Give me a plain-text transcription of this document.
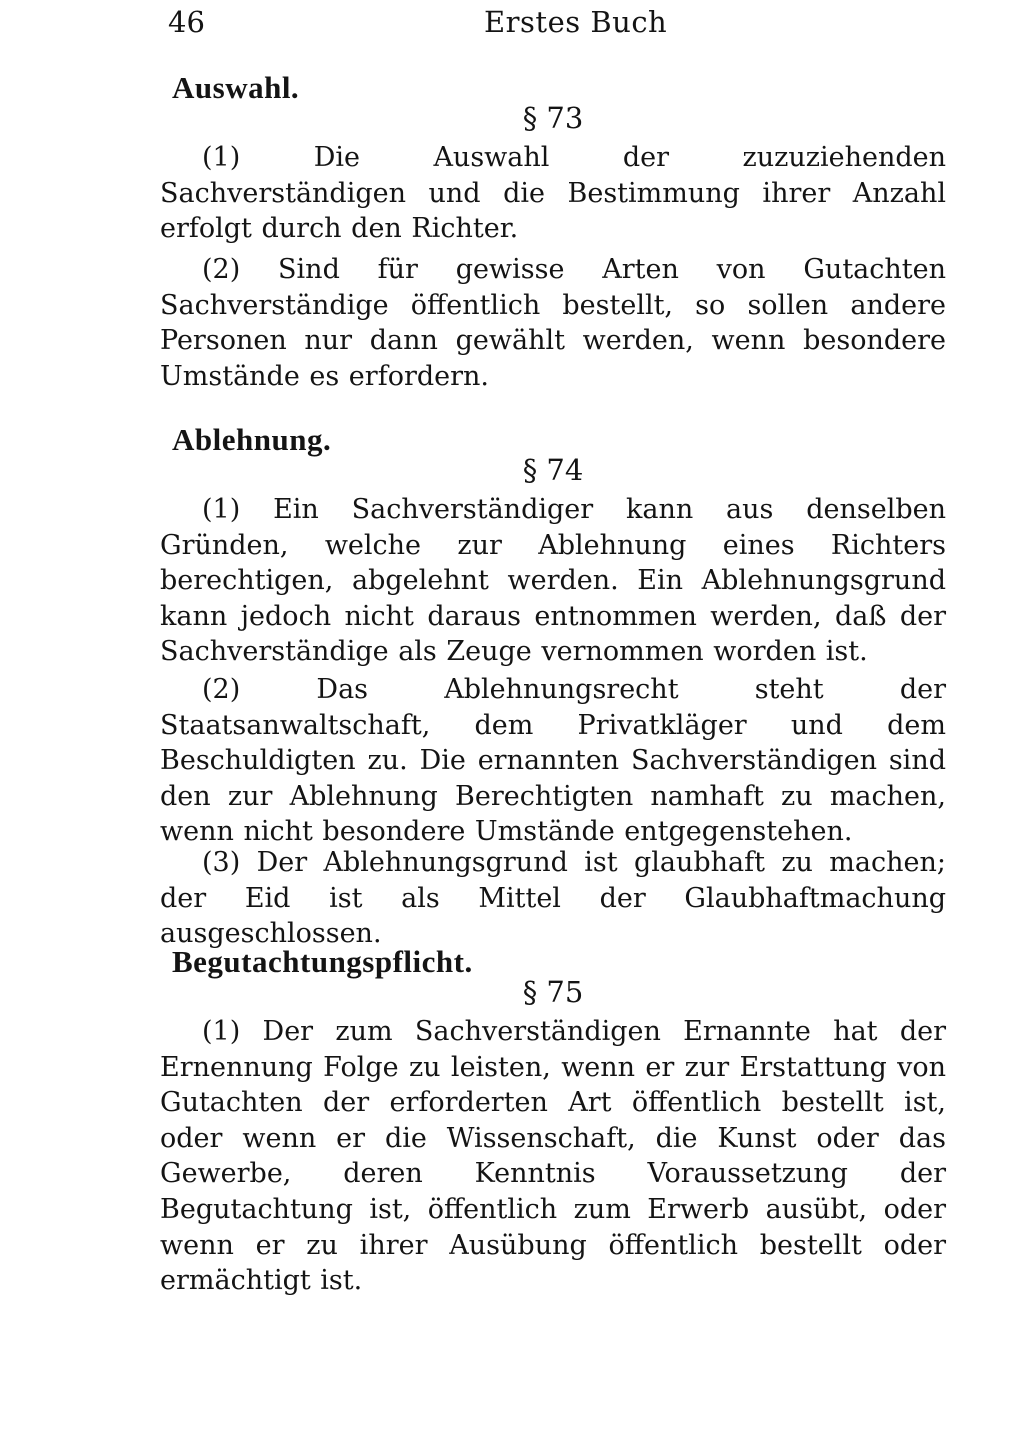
46	Erstes Buch
Auswahl.
§ 73

(1) Die Auswahl der zuzuziehenden Sachverständigen und die Bestimmung ihrer Anzahl erfolgt durch den Richter.

(2) Sind für gewisse Arten von Gutachten Sachverständige öffentlich bestellt, so sollen andere Personen nur dann gewählt werden, wenn besondere Umstände es erfordern.

Ablehnung.
§ 74

(1) Ein Sachverständiger kann aus denselben Gründen, welche zur Ablehnung eines Richters berechtigen, abgelehnt werden. Ein Ablehnungsgrund kann jedoch nicht daraus entnommen werden, daß der Sachverständige als Zeuge vernommen worden ist.

(2) Das Ablehnungsrecht steht der Staatsanwaltschaft, dem Privatkläger und dem Beschuldigten zu. Die ernannten Sachverständigen sind den zur Ablehnung Berechtigten namhaft zu machen, wenn nicht besondere Umstände entgegenstehen.

(3) Der Ablehnungsgrund ist glaubhaft zu machen; der Eid ist als Mittel der Glaubhaftmachung ausgeschlossen.

Begutachtungspflicht.
§ 75

(1) Der zum Sachverständigen Ernannte hat der Ernennung Folge zu leisten, wenn er zur Erstattung von Gutachten der erforderten Art öffentlich bestellt ist, oder wenn er die Wissenschaft, die Kunst oder das Gewerbe, deren Kenntnis Voraussetzung der Begutachtung ist, öffentlich zum Erwerb ausübt, oder wenn er zu ihrer Ausübung öffentlich bestellt oder ermächtigt ist.
